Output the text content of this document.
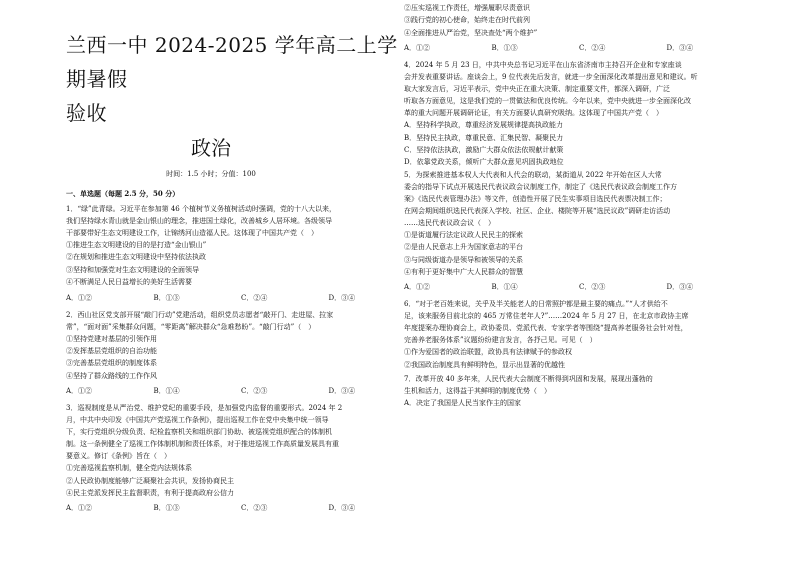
兰西一中 2024-2025 学年高二上学期暑假

验收

政治

时间：1.5 小时；分值：100

一、单选题（每题 2.5 分，50 分）

1．“绿”此青绿。习近平在参加第 46 个植树节义务植树活动时强调，党的十八大以来，

我们坚持绿水青山就是金山银山的理念，推进国土绿化，改善城乡人居环境。各级领导

干部要带好生态文明建设工作，让锦绣河山造福人民。这体现了中国共产党（　）

①推进生态文明建设的目的是打造“金山银山”

②在规划和推进生态文明建设中坚持依法执政

③坚持和加强党对生态文明建设的全面领导

④不断满足人民日益增长的美好生活需要

A．①②	B．①③	C．②④	D．③④

2．西山社区党支部开展“敲门行动”党建活动，组织党员志愿者“敲开门、走进屋、拉家

常”，“面对面”采集群众问题，“零距离”解决群众“急难愁盼”。“敲门行动”（　）

①坚持党建对基层的引领作用

②发挥基层党组织的自治功能

③完善基层党组织的制度体系

④坚持了群众路线的工作作风

A．①②	B．①④	C．②③	D．③④

3．巡视制度是从严治党、维护党纪的重要手段，是加强党内监督的重要形式。2024 年 2

月，中共中央印发《中国共产党巡视工作条例》，提出巡视工作在党中央集中统一领导

下，实行党组织分级负责、纪检监察机关和组织部门协助、被巡视党组织配合的体制机

制。这一条例健全了巡视工作体制机制和责任体系，对于推进巡视工作高质量发展具有重

要意义。修订《条例》旨在（　）

①完善巡视监察机制，健全党内法规体系

②人民政协制度能够广泛凝聚社会共识，发扬协商民主

④民主党派发挥民主监督职责，有利于提高政府公信力

A．①②	B．①③	C．②③	D．③④

②压实巡视工作责任，增强履职尽责意识

③践行党的初心使命，始终走在时代前列

④全面推进从严治党，坚决查处“两个维护”

A．①②	B．①③	C．②④	D．③④

4．2024 年 5 月 23 日，中共中央总书记习近平在山东省济南市主持召开企业和专家座谈

会并发表重要讲话。座谈会上，9 位代表先后发言，就进一步全面深化改革提出意见和建议。听

取大家发言后，习近平表示，党中央正在重大决策、制定重要文件，都深入调研，广泛

听取各方面意见，这是我们党的一贯做法和优良传统。今年以来，党中央就进一步全面深化改

革的重大问题开展调研论证，有关方面要认真研究吸纳。这体现了中国共产党（　）

A．坚持科学执政，尊重经济发展规律提高执政能力

B．坚持民主执政，尊重民意、汇集民智、凝聚民力

C．坚持依法执政，激励广大群众依法依规献计献策

D．依靠党政关系，倾听广大群众意见巩固执政地位

5．为探索推进基本权人大代表和人代会的联动，某街道从 2022 年开始在区人大常

委会的指导下试点开展选民代表议政会议制度工作，制定了《选民代表议政会制度工作方

案》《选民代表管理办法》等文件，创造性开展了民生实事项目选民代表票决制工作；

在网会期间组织选民代表深入学校、社区、企业、楼院等开展“选民议政”调研走访活动

……选民代表议政会议（　）

①是街道履行法定议政人民民主的探索

②是由人民意志上升为国家意志的平台

③与同级街道办是领导和被领导的关系

④有利于更好集中广大人民群众的智慧

A．①②	B．①④	C．②③	D．③④

6．“对于老百姓来说，关乎及半关能老人的日常照护都是最主要的痛点。”“人才供给不

足，该来服务目前北京的 465 万常住老年人?”……2024 年 5 月 27 日，在北京市政协主席

年度提案办理协商会上，政协委员、党派代表、专家学者等围绕“提高养老服务社会针对性，

完善养老服务体系”议题纷纷建言发言，各抒己见。可见（　）

①作为爱国者的政治联盟，政协具有法律赋予的参政权

②我国政治制度具有鲜明特色，显示出显著的优越性

7．改革开放 40 多年来，人民代表大会制度不断得到巩固和发展，展现出蓬勃的

生机和活力，这得益于其鲜明的制度优势（　）

A．决定了我国是人民当家作主的国家
